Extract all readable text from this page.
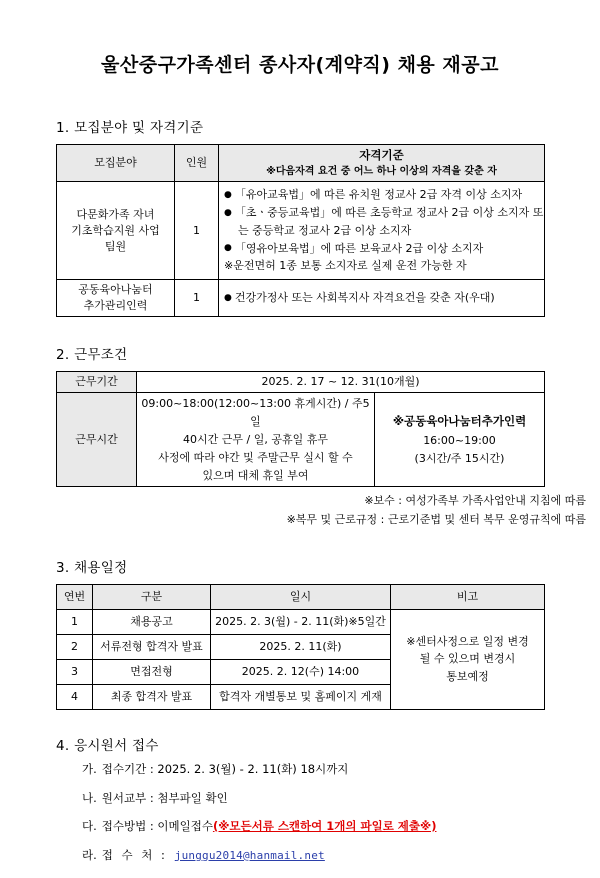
울산중구가족센터 종사자(계약직) 채용 재공고
1. 모집분야 및 자격기준
모집분야	인원	자격기준
※다음자격 요건 중 어느 하나 이상의 자격을 갖춘 자

다문화가족 자녀
기초학습지원 사업
팀원	1	● 「유아교육법」에 따른 유치원 정교사 2급 자격 이상 소지자
● 「초ㆍ중등교육법」에 따른 초등학교 정교사 2급 이상 소지자 또
는 중등학교 정교사 2급 이상 소지자
● 「영유아보육법」에 따른 보육교사 2급 이상 소지자
※운전면허 1종 보통 소지자로 실제 운전 가능한 자

공동육아나눔터
추가관리인력	1	● 건강가정사 또는 사회복지사 자격요건을 갖춘 자(우대)
2. 근무조건
근무기간	2025. 2. 17 ~ 12. 31(10개월)	
근무시간	09:00~18:00(12:00~13:00 휴게시간) / 주5일
40시간 근무 / 일, 공휴일 휴무
사정에 따라 야간 및 주말근무 실시 할 수
있으며 대체 휴일 부여	※공동육아나눔터추가인력
16:00~19:00
(3시간/주 15시간)
※보수 : 여성가족부 가족사업안내 지침에 따름
※복무 및 근로규정 : 근로기준법 및 센터 복무 운영규칙에 따름
3. 채용일정
연번	구분	일시	비고
1	채용공고	2025. 2. 3(월) - 2. 11(화)※5일간	※센터사정으로 일정 변경
될 수 있으며 변경시
통보예정

2	서류전형 합격자 발표	2025. 2. 11(화)	
3	면접전형	2025. 2. 12(수) 14:00	
4	최종 합격자 발표	합격자 개별통보 및 홈페이지 게재	
4. 응시원서 접수
가. 접수기간 : 2025. 2. 3(월) - 2. 11(화) 18시까지
나. 원서교부 : 첨부파일 확인
다. 접수방법 : 이메일접수(※모든서류 스캔하여 1개의 파일로 제출※)
라. 접 수 처 : junggu2014@hanmail.net
